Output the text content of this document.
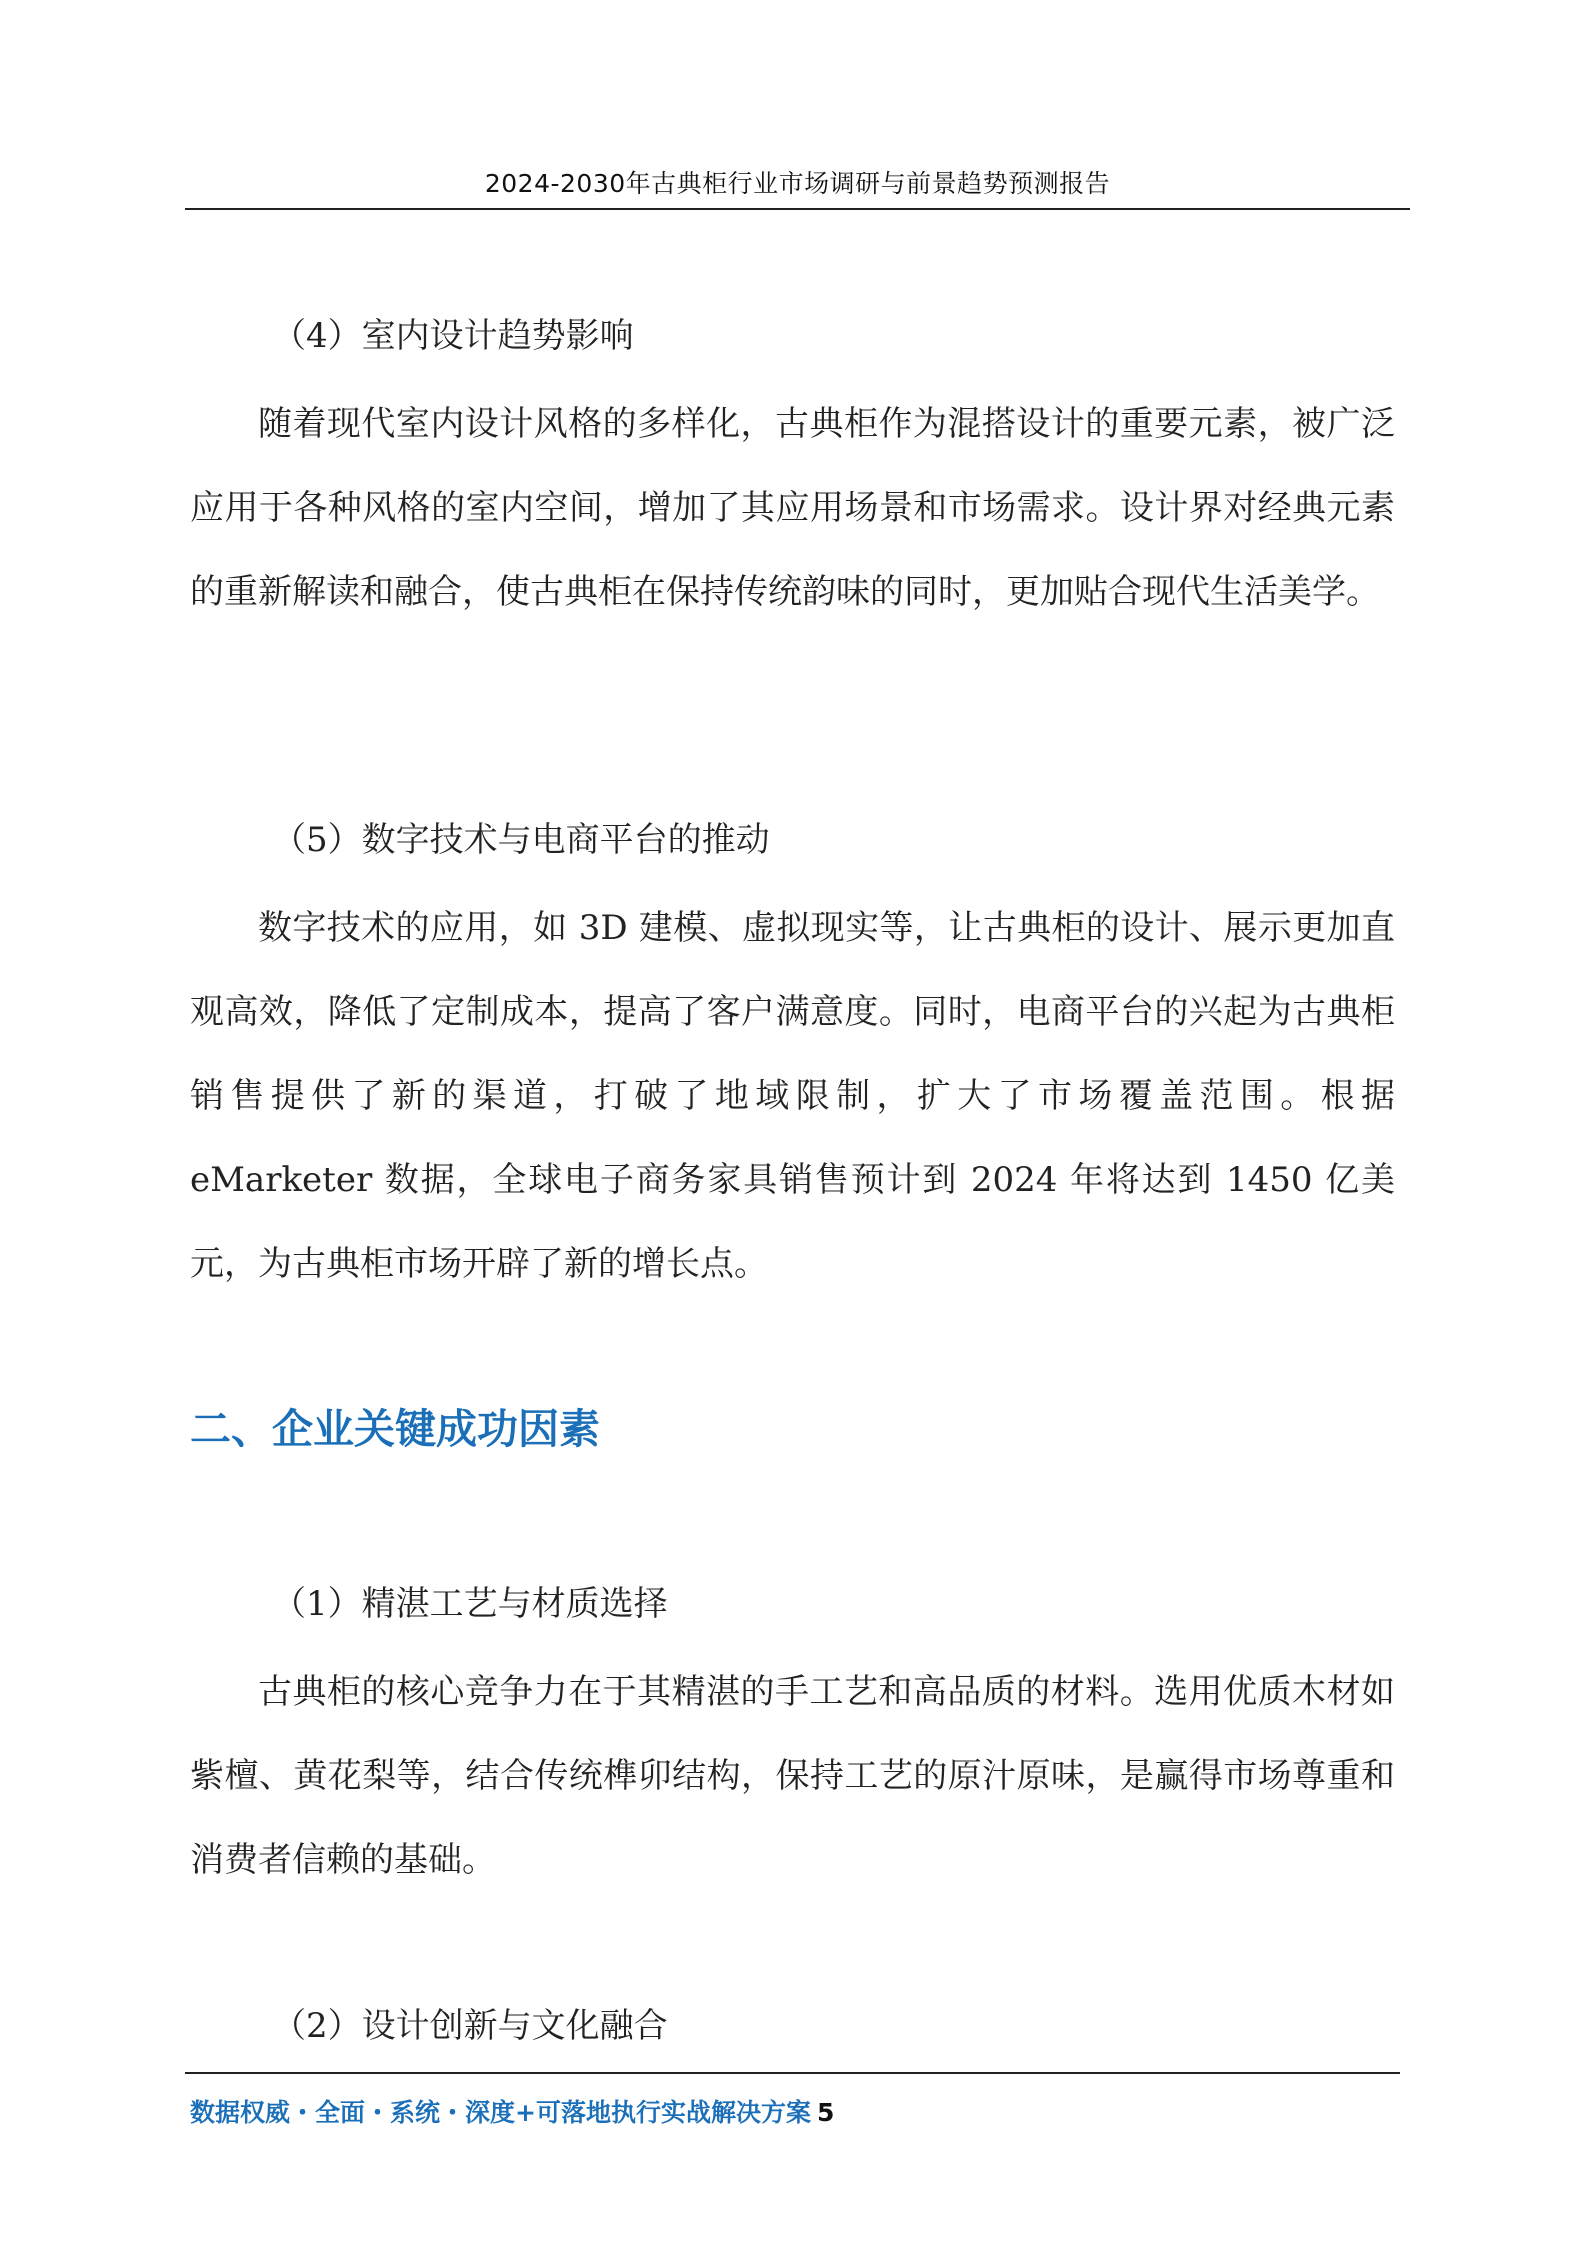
2024-2030年古典柜行业市场调研与前景趋势预测报告
（4）室内设计趋势影响

随着现代室内设计风格的多样化，古典柜作为混搭设计的重要元素，被广泛应用于各种风格的室内空间，增加了其应用场景和市场需求。设计界对经典元素的重新解读和融合，使古典柜在保持传统韵味的同时，更加贴合现代生活美学。

（5）数字技术与电商平台的推动

数字技术的应用，如 3D 建模、虚拟现实等，让古典柜的设计、展示更加直观高效，降低了定制成本，提高了客户满意度。同时，电商平台的兴起为古典柜销售提供了新的渠道，打破了地域限制，扩大了市场覆盖范围。根据 eMarketer 数据，全球电子商务家具销售预计到 2024 年将达到 1450 亿美元，为古典柜市场开辟了新的增长点。

二、企业关键成功因素
（1）精湛工艺与材质选择

古典柜的核心竞争力在于其精湛的手工艺和高品质的材料。选用优质木材如紫檀、黄花梨等，结合传统榫卯结构，保持工艺的原汁原味，是赢得市场尊重和消费者信赖的基础。

（2）设计创新与文化融合
数据权威・全面・系统・深度+可落地执行实战解决方案 5
